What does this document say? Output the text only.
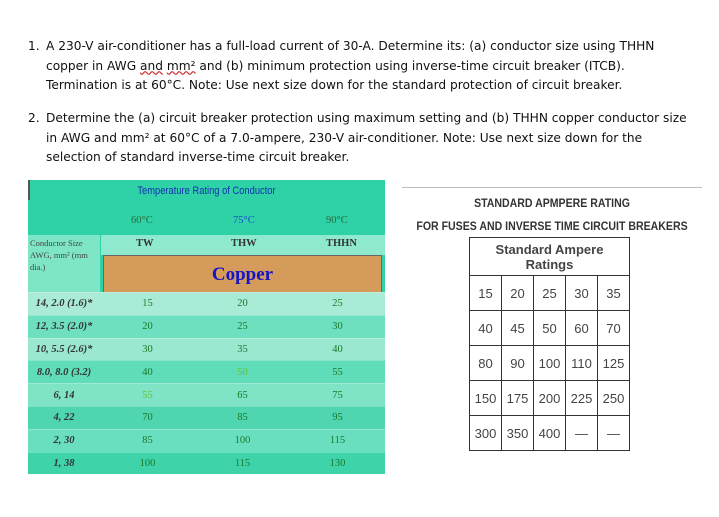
1. A 230-V air-conditioner has a full-load current of 30-A. Determine its: (a) conductor size using THHN copper in AWG and mm² and (b) minimum protection using inverse-time circuit breaker (ITCB). Termination is at 60°C. Note: Use next size down for the standard protection of circuit breaker.
2. Determine the (a) circuit breaker protection using maximum setting and (b) THHN copper conductor size in AWG and mm² at 60°C of a 7.0-ampere, 230-V air-conditioner. Note: Use next size down for the selection of standard inverse-time circuit breaker.
Temperature Rating of Conductor
60°C	75°C	90°C
Conductor Size AWG, mm² (mm dia.)
TW	THW	THHN
Copper
14, 2.0 (1.6)*	15	20	25
12, 3.5 (2.0)*	20	25	30
10, 5.5 (2.6)*	30	35	40
8.0, 8.0 (3.2)	40	50	55
6, 14	55	65	75
4, 22	70	85	95
2, 30	85	100	115
1, 38	100	115	130
STANDARD APMPERE RATING
FOR FUSES AND INVERSE TIME CIRCUIT BREAKERS
Standard Ampere Ratings				
15	20	25	30	35
40	45	50	60	70
80	90	100	110	125
150	175	200	225	250
300	350	400	—	—
